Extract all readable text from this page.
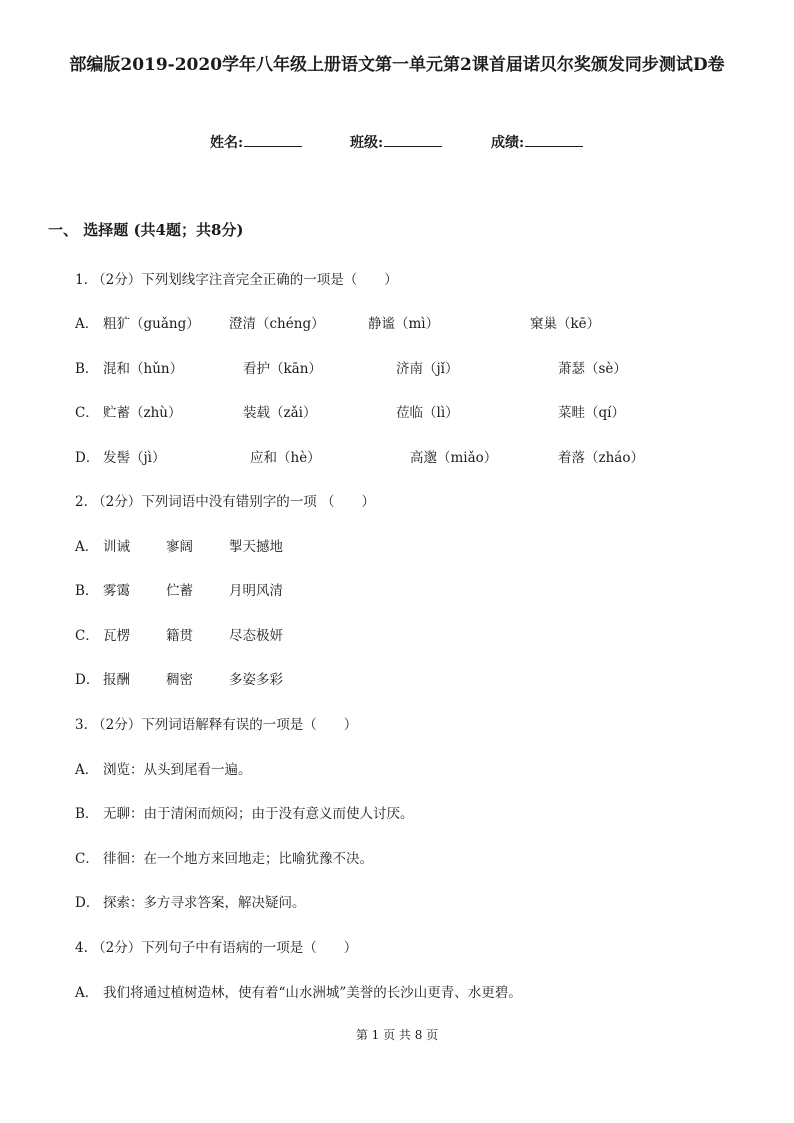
部编版2019-2020学年八年级上册语文第一单元第2课首届诺贝尔奖颁发同步测试D卷
姓名:	班级:	成绩:
一、 选择题 (共4题；共8分)
1. （2分）下列划线字注音完全正确的一项是（　　）
A． 粗犷（guǎng） 澄清（chéng）	静谧（mì）	窠巢（kē）
B． 混和（hǔn）	看护（kān）	济南（jǐ）	萧瑟（sè）
C． 贮蓄（zhù）	装载（zǎi）	莅临（lì）	菜畦（qí）
D． 发髻（jì）	应和（hè）	高邈（miǎo）	着落（zháo）
2. （2分）下列词语中没有错别字的一项 （　　）
A． 训诫	寥阔	掣天撼地
B． 雾霭	伫蓄	月明风清
C． 瓦楞	籍贯	尽态极妍
D． 报酬	稠密	多姿多彩
3. （2分）下列词语解释有误的一项是（　　）
A． 浏览：从头到尾看一遍。
B． 无聊：由于清闲而烦闷；由于没有意义而使人讨厌。
C． 徘徊：在一个地方来回地走；比喻犹豫不决。
D． 探索：多方寻求答案，解决疑问。
4. （2分）下列句子中有语病的一项是（　　）
A． 我们将通过植树造林，使有着“山水洲城”美誉的长沙山更青、水更碧。
第 1 页 共 8 页
